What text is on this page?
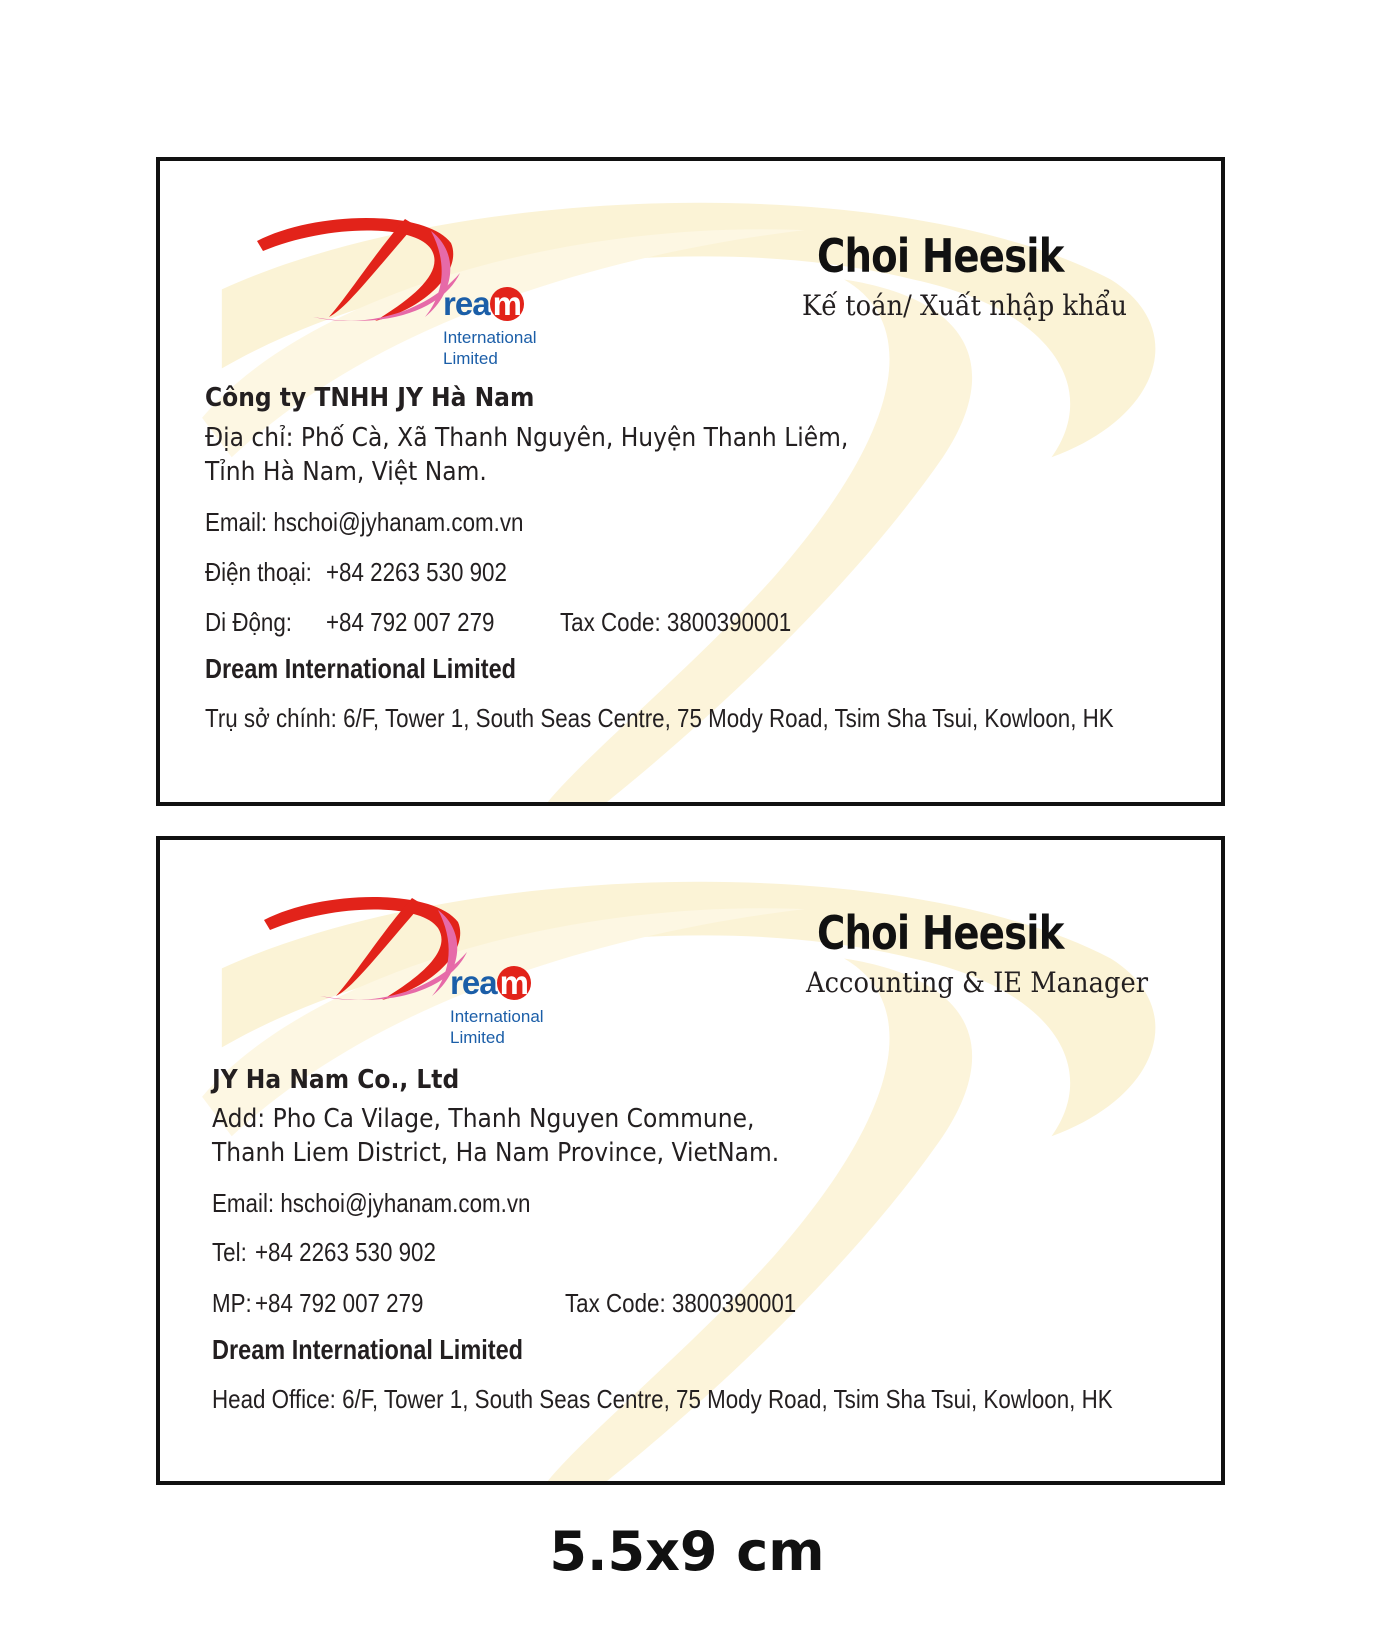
ream
International
Limited
Choi Heesik
Kế toán/ Xuất nhập khẩu
Công ty TNHH JY Hà Nam
Địa chỉ: Phố Cà, Xã Thanh Nguyên, Huyện Thanh Liêm,
Tỉnh Hà Nam, Việt Nam.
Email: hschoi@jyhanam.com.vn
Điện thoại: +84 2263 530 902
Di Động: +84 792 007 279	Tax Code: 3800390001
Dream International Limited
Trụ sở chính: 6/F, Tower 1, South Seas Centre, 75 Mody Road, Tsim Sha Tsui, Kowloon, HK
ream
International
Limited
Choi Heesik
Accounting & IE Manager
JY Ha Nam Co., Ltd
Add: Pho Ca Vilage, Thanh Nguyen Commune,
Thanh Liem District, Ha Nam Province, VietNam.
Email: hschoi@jyhanam.com.vn
Tel: +84 2263 530 902
MP: +84 792 007 279	Tax Code: 3800390001
Dream International Limited
Head Office: 6/F, Tower 1, South Seas Centre, 75 Mody Road, Tsim Sha Tsui, Kowloon, HK
5.5x9 cm
